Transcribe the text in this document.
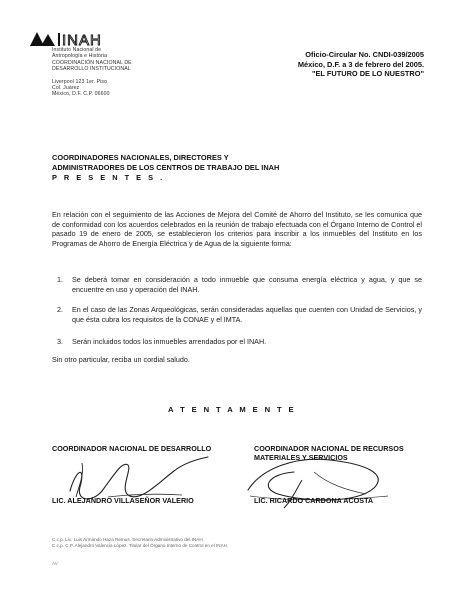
INAH
Instituto Nacional de
Antropología e Historia
COORDINACIÓN NACIONAL DE
DESARROLLO INSTITUCIONAL
Liverpool 123 1er. Piso
Col. Juárez
México, D.F. C.P. 06600
Oficio-Circular No. CNDI-039/2005
México, D.F. a 3 de febrero del 2005.
"EL FUTURO DE LO NUESTRO"
COORDINADORES NACIONALES, DIRECTORES Y
ADMINISTRADORES DE LOS CENTROS DE TRABAJO DEL INAH
P R E S E N T E S .
En relación con el seguimiento de las Acciones de Mejora del Comité de Ahorro del Instituto, se les comunica que de conformidad con los acuerdos celebrados en la reunión de trabajo efectuada con el Órgano Interno de Control el pasado 19 de enero de 2005, se establecieron los criterios para inscribir a los inmuebles del Instituto en los Programas de Ahorro de Energía Eléctrica y de Agua de la siguiente forma:
1. Se deberá tomar en consideración a todo inmueble que consuma energía eléctrica y agua, y que se encuentre en uso y operación del INAH.
2. En el caso de las Zonas Arqueológicas, serán consideradas aquellas que cuenten con Unidad de Servicios, y que ésta cubra los requisitos de la CONAE y el IMTA.
3. Serán incluidos todos los inmuebles arrendados por el INAH.
Sin otro particular, reciba un cordial saludo.
A T E N T A M E N T E
COORDINADOR NACIONAL DE DESARROLLO
LIC. ALEJANDRO VILLASEÑOR VALERIO
COORDINADOR NACIONAL DE RECURSOS
MATERIALES Y SERVICIOS
LIC. RICARDO CARDONA ACOSTA
C.c.p. Lic. Luis Armando Haza Remus. Secretario Administrativo del INAH.
C.c.p. C.P. Alejandro Valencia López. Titular del Órgano Interno de Control en el INAH.
AV
